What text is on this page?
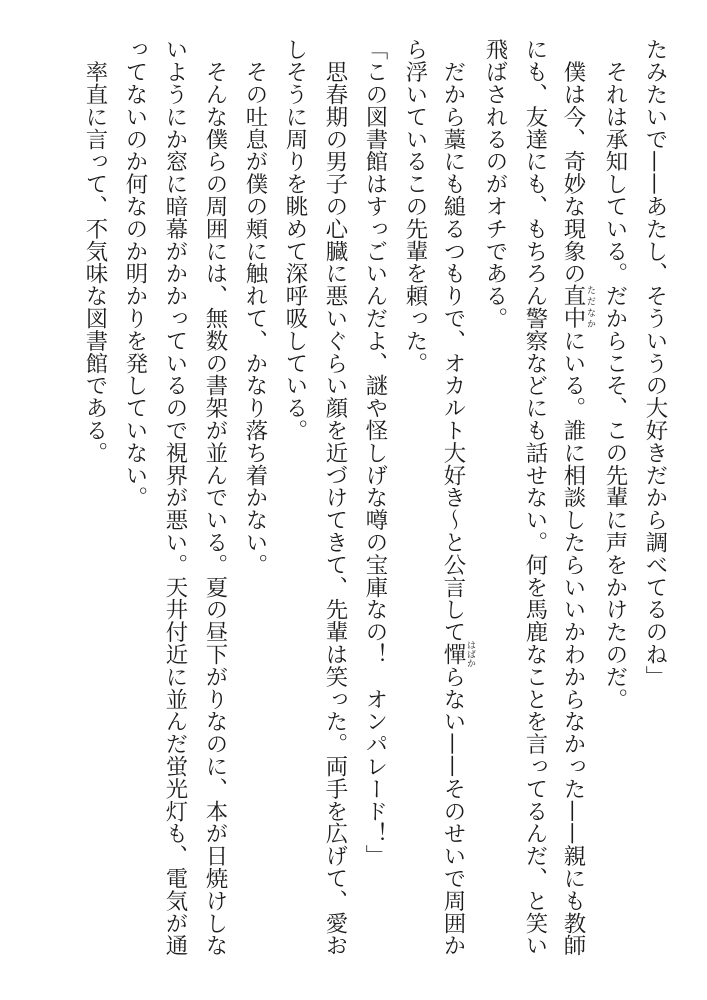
たみたいで——あたし、そういうの大好きだから調べてるのね」
　それは承知している。だからこそ、この先輩に声をかけたのだ。
　僕は今、奇妙な現象の直中 ただなかにいる。誰に相談したらいいかわからなかった——親にも教師
にも、友達にも、もちろん警察などにも話せない。何を馬鹿なことを言ってるんだ、と笑い
飛ばされるのがオチである。
　だから藁にも縋るつもりで、オカルト大好き〜と公言して憚 はばからない——そのせいで周囲か
ら浮いているこの先輩を頼った。
「この図書館はすっごいんだよ、謎や怪しげな噂の宝庫なの！　オンパレード！」
　思春期の男子の心臓に悪いぐらい顔を近づけてきて、先輩は笑った。両手を広げて、愛お
しそうに周りを眺めて深呼吸している。
　その吐息が僕の頬に触れて、かなり落ち着かない。
　そんな僕らの周囲には、無数の書架が並んでいる。夏の昼下がりなのに、本が日焼けしな
いようにか窓に暗幕がかかっているので視界が悪い。天井付近に並んだ蛍光灯も、電気が通
ってないのか何なのか明かりを発していない。
　率直に言って、不気味な図書館である。
